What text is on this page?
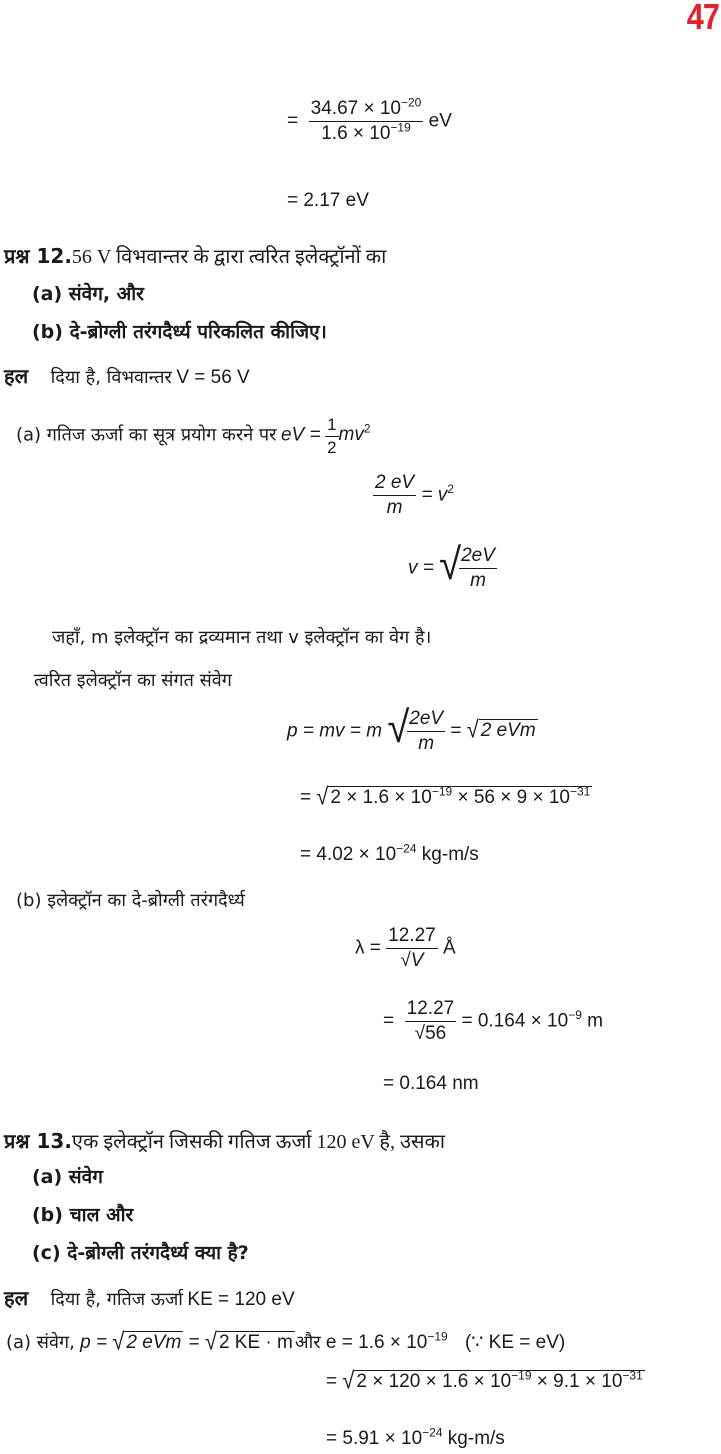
47
= $\frac{34.67 \times 10^{-20}}{1.6 \times 10^{-19}}$ eV
= 2.17 eV
प्रश्न 12.56 V विभवान्तर के द्वारा त्वरित इलेक्ट्रॉनों का
(a) संवेग, और
(b) दे-ब्रोग्ली तरंगदैर्ध्य परिकलित कीजिए।
हल दिया है, विभवान्तर V = 56 V
(a) गतिज ऊर्जा का सूत्र प्रयोग करने पर eV = $\frac{1}{2} mv^2$
$\frac{2 eV}{m} = v^2$
v = √
$\frac{2eV}{m}$
जहाँ, m इलेक्ट्रॉन का द्रव्यमान तथा v इलेक्ट्रॉन का वेग है।
त्वरित इलेक्ट्रॉन का संगत संवेग
p = mv = m √
$\frac{2eV}{m}$ = √ 2 eVm
= √ $2 \times 1.6 \times 10^{-19} \times 56 \times 9 \times 10^{-31}$
= $4.02 \times 10^{-24}$ kg-m/s
(b) इलेक्ट्रॉन का दे-ब्रोग्ली तरंगदैर्ध्य
$\lambda = \frac{12.27}{√V}$ Å
= $\frac{12.27}{√56} = 0.164 \times 10^{-9}$ m
= 0.164 nm
प्रश्न 13.एक इलेक्ट्रॉन जिसकी गतिज ऊर्जा 120 eV है, उसका
(a) संवेग
(b) चाल और
(c) दे-ब्रोग्ली तरंगदैर्ध्य क्या है?
हल दिया है, गतिज ऊर्जा KE = 120 eV
(a) संवेग, p = √ 2 eVm = √ 2 KE · m और $e = 1.6 \times 10^{-19}$ (∵ KE = eV)
= √ $2 \times 120 \times 1.6 \times 10^{-19} \times 9.1 \times 10^{-31}$
= $5.91 \times 10^{-24}$ kg-m/s
